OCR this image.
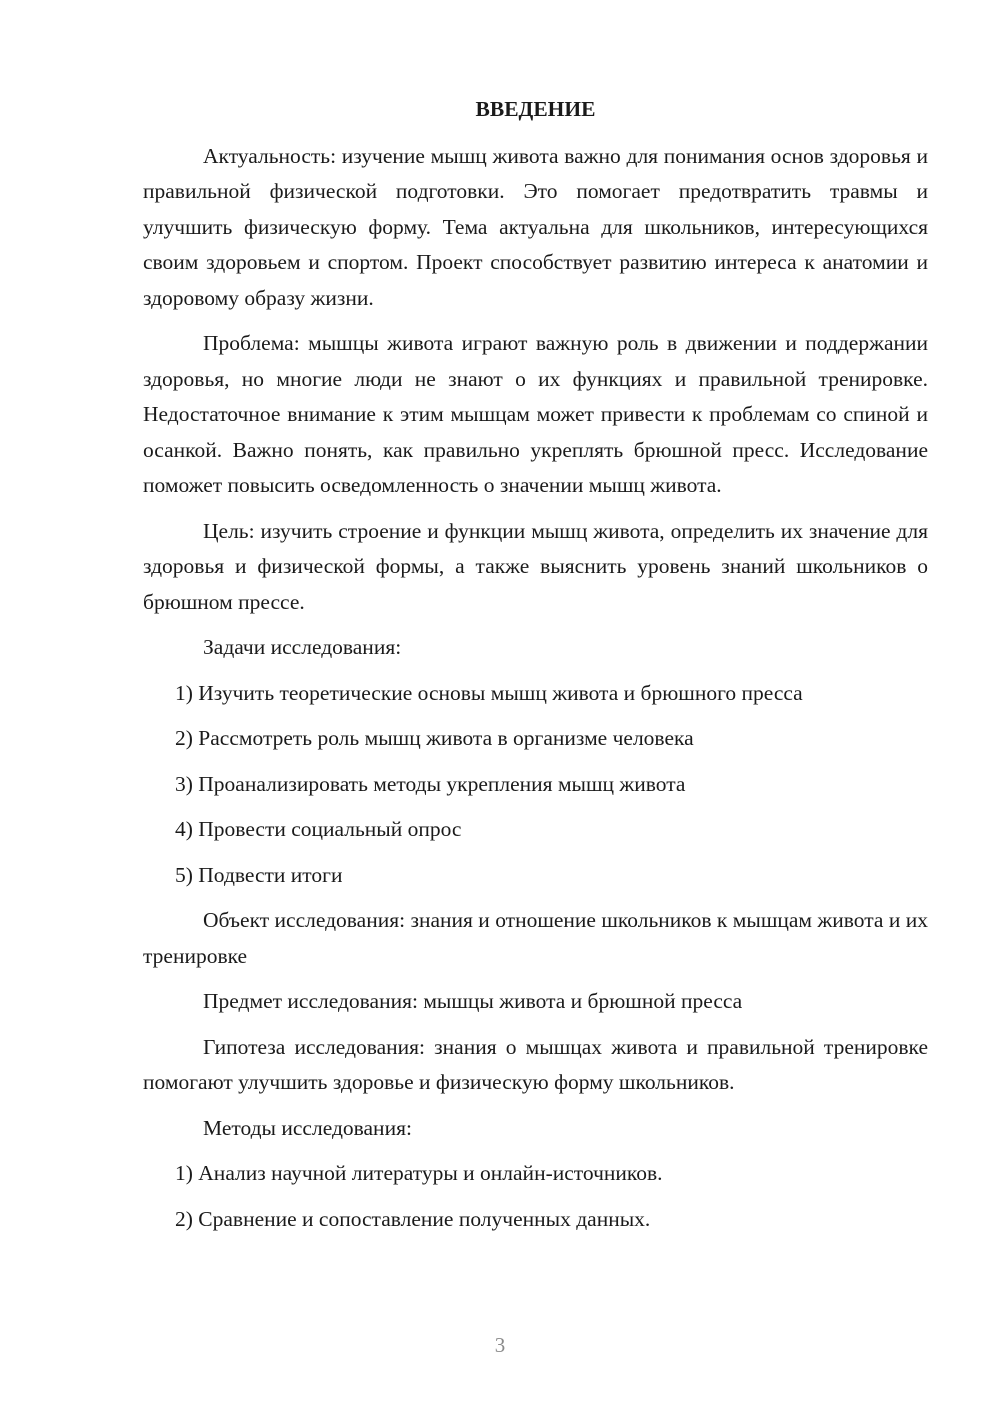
ВВЕДЕНИЕ

Актуальность: изучение мышц живота важно для понимания основ здоровья и правильной физической подготовки. Это помогает предотвратить травмы и улучшить физическую форму. Тема актуальна для школьников, интересующихся своим здоровьем и спортом. Проект способствует развитию интереса к анатомии и здоровому образу жизни.

Проблема: мышцы живота играют важную роль в движении и поддержании здоровья, но многие люди не знают о их функциях и правильной тренировке. Недостаточное внимание к этим мышцам может привести к проблемам со спиной и осанкой. Важно понять, как правильно укреплять брюшной пресс. Исследование поможет повысить осведомленность о значении мышц живота.

Цель: изучить строение и функции мышц живота, определить их значение для здоровья и физической формы, а также выяснить уровень знаний школьников о брюшном прессе.

Задачи исследования:

1) Изучить теоретические основы мышц живота и брюшного пресса

2) Рассмотреть роль мышц живота в организме человека

3) Проанализировать методы укрепления мышц живота

4) Провести социальный опрос

5) Подвести итоги

Объект исследования: знания и отношение школьников к мышцам живота и их тренировке

Предмет исследования: мышцы живота и брюшной пресса

Гипотеза исследования: знания о мышцах живота и правильной тренировке помогают улучшить здоровье и физическую форму школьников.

Методы исследования:

1) Анализ научной литературы и онлайн-источников.

2) Сравнение и сопоставление полученных данных.

3
